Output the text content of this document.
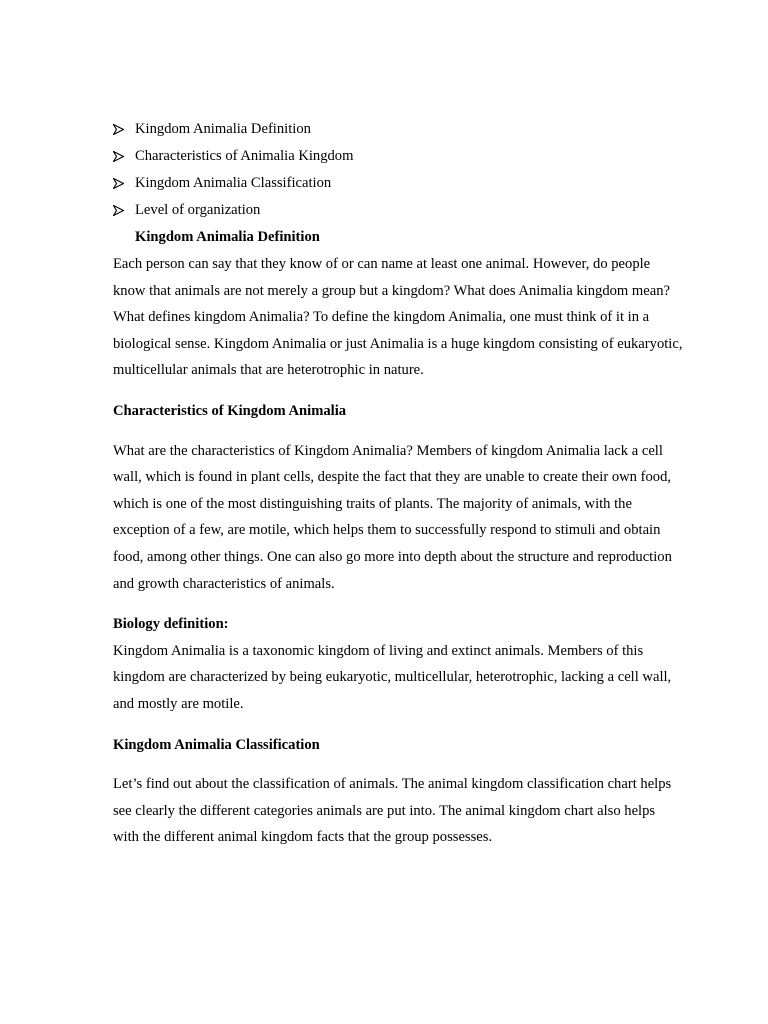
Kingdom Animalia Definition
Characteristics of Animalia Kingdom
Kingdom Animalia Classification
Level of organization
Kingdom Animalia Definition

Each person can say that they know of or can name at least one animal. However, do people know that animals are not merely a group but a kingdom? What does Animalia kingdom mean? What defines kingdom Animalia? To define the kingdom Animalia, one must think of it in a biological sense. Kingdom Animalia or just Animalia is a huge kingdom consisting of eukaryotic, multicellular animals that are heterotrophic in nature.

Characteristics of Kingdom Animalia

What are the characteristics of Kingdom Animalia? Members of kingdom Animalia lack a cell wall, which is found in plant cells, despite the fact that they are unable to create their own food, which is one of the most distinguishing traits of plants. The majority of animals, with the exception of a few, are motile, which helps them to successfully respond to stimuli and obtain food, among other things. One can also go more into depth about the structure and reproduction and growth characteristics of animals.

Biology definition:

Kingdom Animalia is a taxonomic kingdom of living and extinct animals. Members of this kingdom are characterized by being eukaryotic, multicellular, heterotrophic, lacking a cell wall, and mostly are motile.

Kingdom Animalia Classification

Let’s find out about the classification of animals. The animal kingdom classification chart helps see clearly the different categories animals are put into. The animal kingdom chart also helps with the different animal kingdom facts that the group possesses.
